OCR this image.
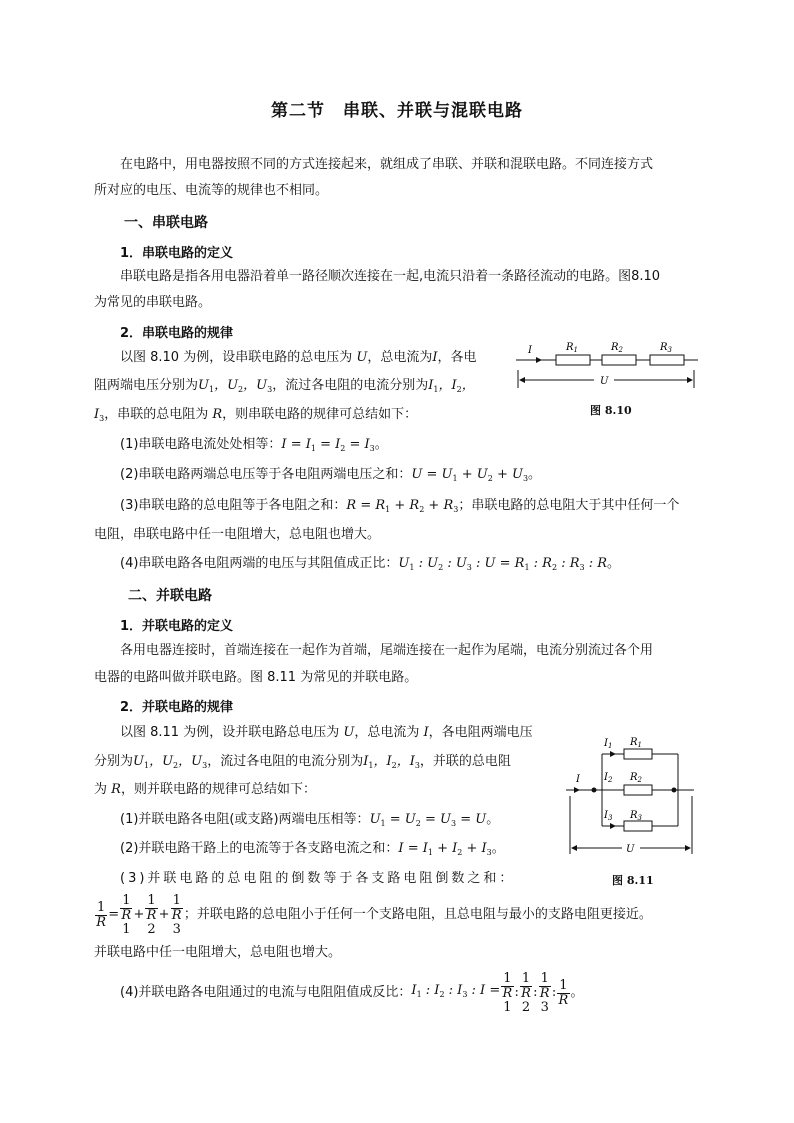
第二节　串联、并联与混联电路
在电路中，用电器按照不同的方式连接起来，就组成了串联、并联和混联电路。不同连接方式
所对应的电压、电流等的规律也不相同。
一、串联电路
1．串联电路的定义
串联电路是指各用电器沿着单一路径顺次连接在一起,电流只沿着一条路径流动的电路。图8.10
为常见的串联电路。
2．串联电路的规律
以图 8.10 为例，设串联电路的总电压为 U，总电流为I，各电
阻两端电压分别为$U_1$，$U_2$，$U_3$，流过各电阻的电流分别为$I_1$，$I_2$，
$I_3$，串联的总电阻为 R，则串联电路的规律可总结如下：
(1)串联电路电流处处相等：$I = I_1 = I_2 = I_3$。
(2)串联电路两端总电压等于各电阻两端电压之和：$U = U_1 + U_2 + U_3$。
(3)串联电路的总电阻等于各电阻之和：$R = R_1 + R_2 + R_3$；串联电路的总电阻大于其中任何一个
电阻，串联电路中任一电阻增大，总电阻也增大。
(4)串联电路各电阻两端的电压与其阻值成正比：$U_1$ : $U_2$ : $U_3$ : $U = R_1$ : $R_2$ : $R_3$ : R。
I	$R_1$	$R_2$	$R_3$
U
图 8.10
二、并联电路
1．并联电路的定义
各用电器连接时，首端连接在一起作为首端，尾端连接在一起作为尾端，电流分别流过各个用
电器的电路叫做并联电路。图 8.11 为常见的并联电路。
2．并联电路的规律
以图 8.11 为例，设并联电路总电压为 U，总电流为 I，各电阻两端电压
分别为$U_1$，$U_2$，$U_3$，流过各电阻的电流分别为$I_1$，$I_2$，$I_3$，并联的总电阻
为 R，则并联电路的规律可总结如下：
(1)并联电路各电阻(或支路)两端电压相等：$U_1 = U_2 = U_3 = U$。
(2)并联电路干路上的电流等于各支路电流之和：$I = I_1 + I_2 + I_3$。
(3)并联电路的总电阻的倒数等于各支路电阻倒数之和：
$\frac{1}{R} = 1$
R
1 + 1
R
2 + 1
R
3 ；并联电路的总电阻小于任何一个支路电阻，且总电阻与最小的支路电阻更接近。
并联电路中任一电阻增大，总电阻也增大。
(4)并联电路各电阻通过的电流与电阻阻值成反比： $I_1$ : $I_2$ : $I_3$ : I = 1
R
1 : 1
R
2 : 1
R
3 : $\frac{1}{R}$ 。
I
$I_1$ $R_1$
$I_2$ $R_2$
$I_3$ $R_3$
U
图 8.11
